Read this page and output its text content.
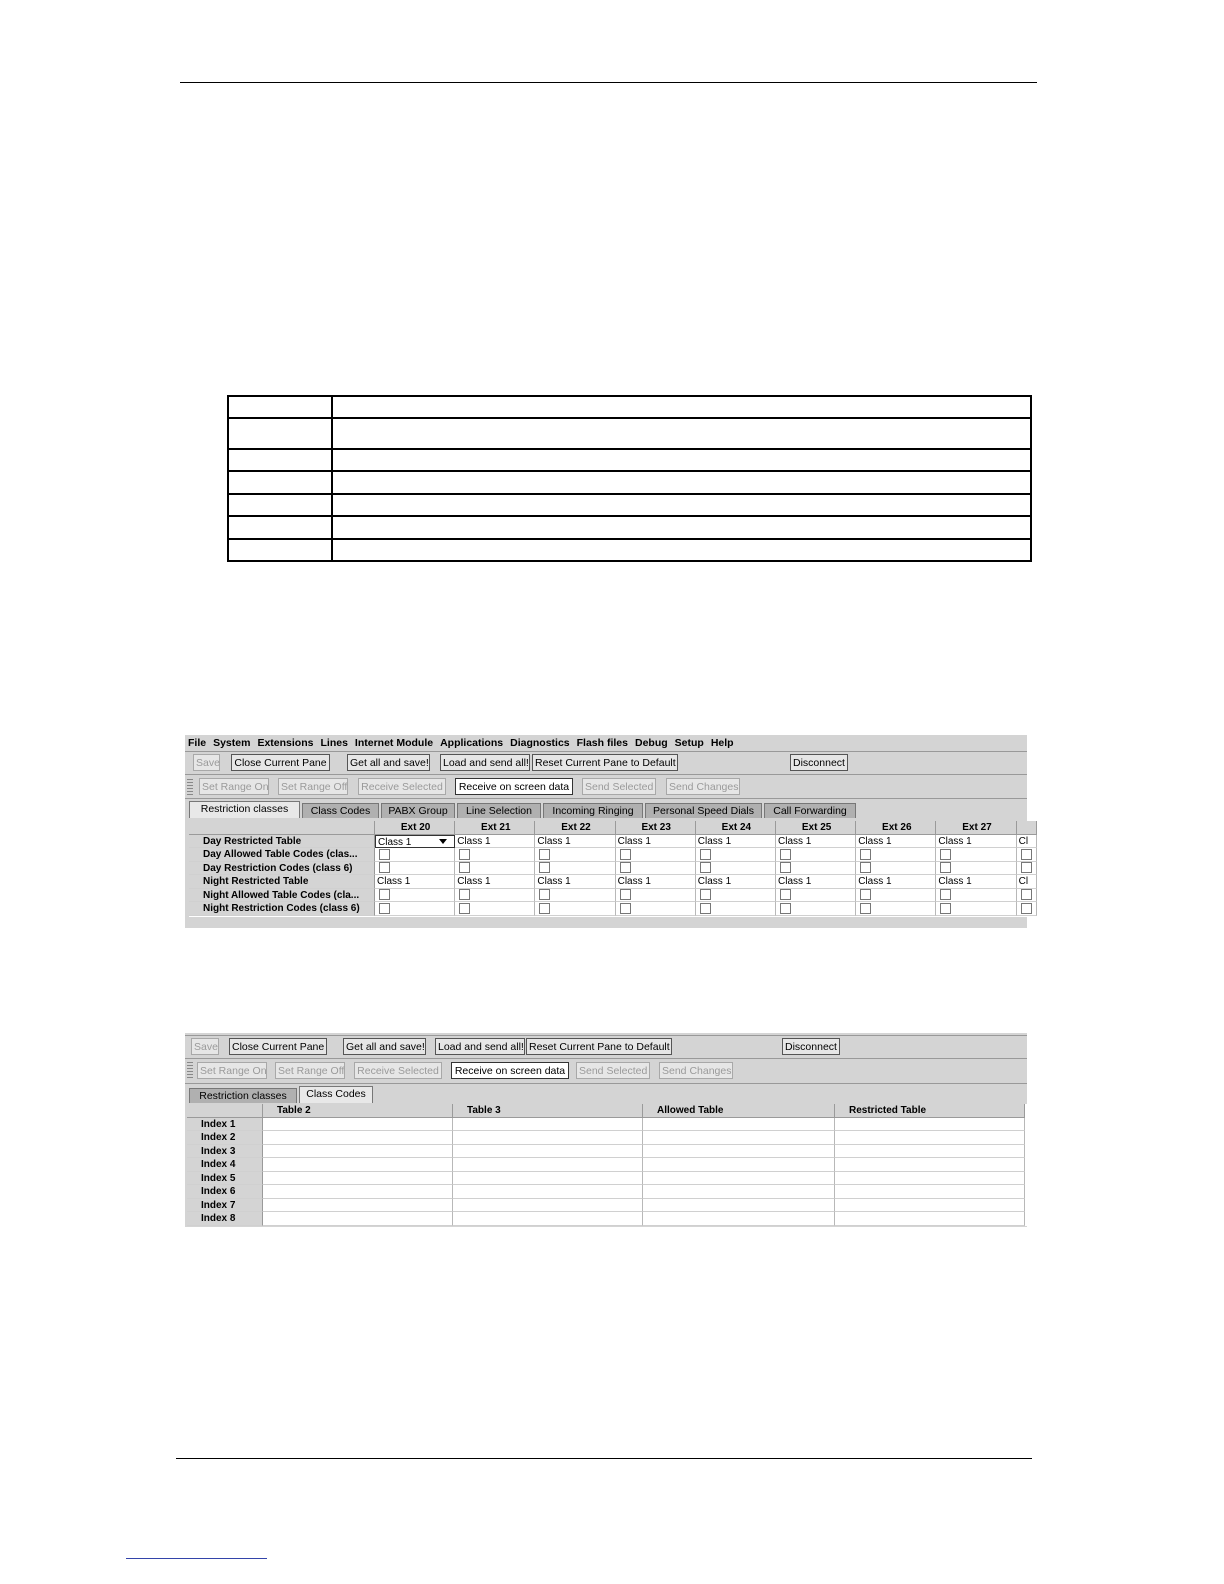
File System Extensions Lines Internet Module Applications Diagnostics Flash files Debug Setup Help
Save	Close Current Pane	Get all and save! Load and send all! Reset Current Pane to Default	Disconnect
Set Range On Set Range Off Receive Selected	Receive on screen data	Send Selected Send Changes
Restriction classes	Class Codes	PABX Group	Line Selection	Incoming Ringing	Personal Speed Dials	Call Forwarding
Ext 20	Ext 21	Ext 22	Ext 23	Ext 24	Ext 25	Ext 26	Ext 27
Day Restricted Table	Class 1	Class 1	Class 1	Class 1	Class 1	Class 1	Class 1	Class 1	Cl
Day Allowed Table Codes (clas...
Day Restriction Codes (class 6)
Night Restricted Table	Class 1	Class 1	Class 1	Class 1	Class 1	Class 1	Class 1	Class 1	Cl
Night Allowed Table Codes (cla...
Night Restriction Codes (class 6)
Save Close Current Pane Get all and save! Load and send all! Reset Current Pane to Default	Disconnect
Set Range On Set Range Off Receive Selected	Receive on screen data	Send Selected Send Changes
Restriction classes	Class Codes
Table 2	Table 3	Allowed Table	Restricted Table
Index 1
Index 2
Index 3
Index 4
Index 5
Index 6
Index 7
Index 8
